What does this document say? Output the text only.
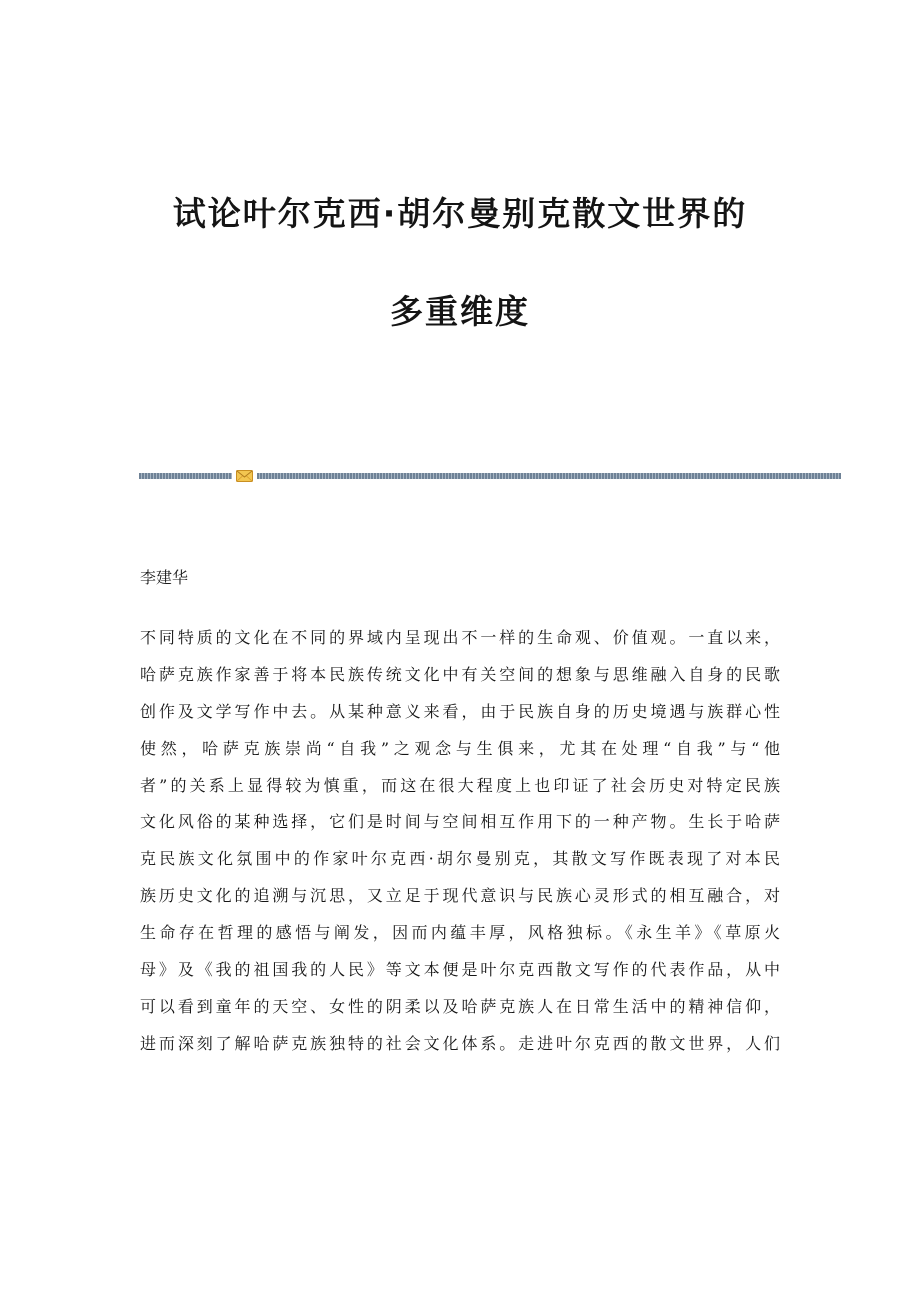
试论叶尔克西·胡尔曼别克散文世界的
多重维度
李建华
不同特质的文化在不同的界域内呈现出不一样的生命观、价值观。一直以来，
哈萨克族作家善于将本民族传统文化中有关空间的想象与思维融入自身的民歌
创作及文学写作中去。从某种意义来看，由于民族自身的历史境遇与族群心性
使然，哈萨克族崇尚“自我”之观念与生俱来，尤其在处理“自我”与“他
者”的关系上显得较为慎重，而这在很大程度上也印证了社会历史对特定民族
文化风俗的某种选择，它们是时间与空间相互作用下的一种产物。生长于哈萨
克民族文化氛围中的作家叶尔克西·胡尔曼别克，其散文写作既表现了对本民
族历史文化的追溯与沉思，又立足于现代意识与民族心灵形式的相互融合，对
生命存在哲理的感悟与阐发，因而内蕴丰厚，风格独标。《永生羊》《草原火
母》及《我的祖国我的人民》等文本便是叶尔克西散文写作的代表作品，从中
可以看到童年的天空、女性的阴柔以及哈萨克族人在日常生活中的精神信仰，
进而深刻了解哈萨克族独特的社会文化体系。走进叶尔克西的散文世界，人们
